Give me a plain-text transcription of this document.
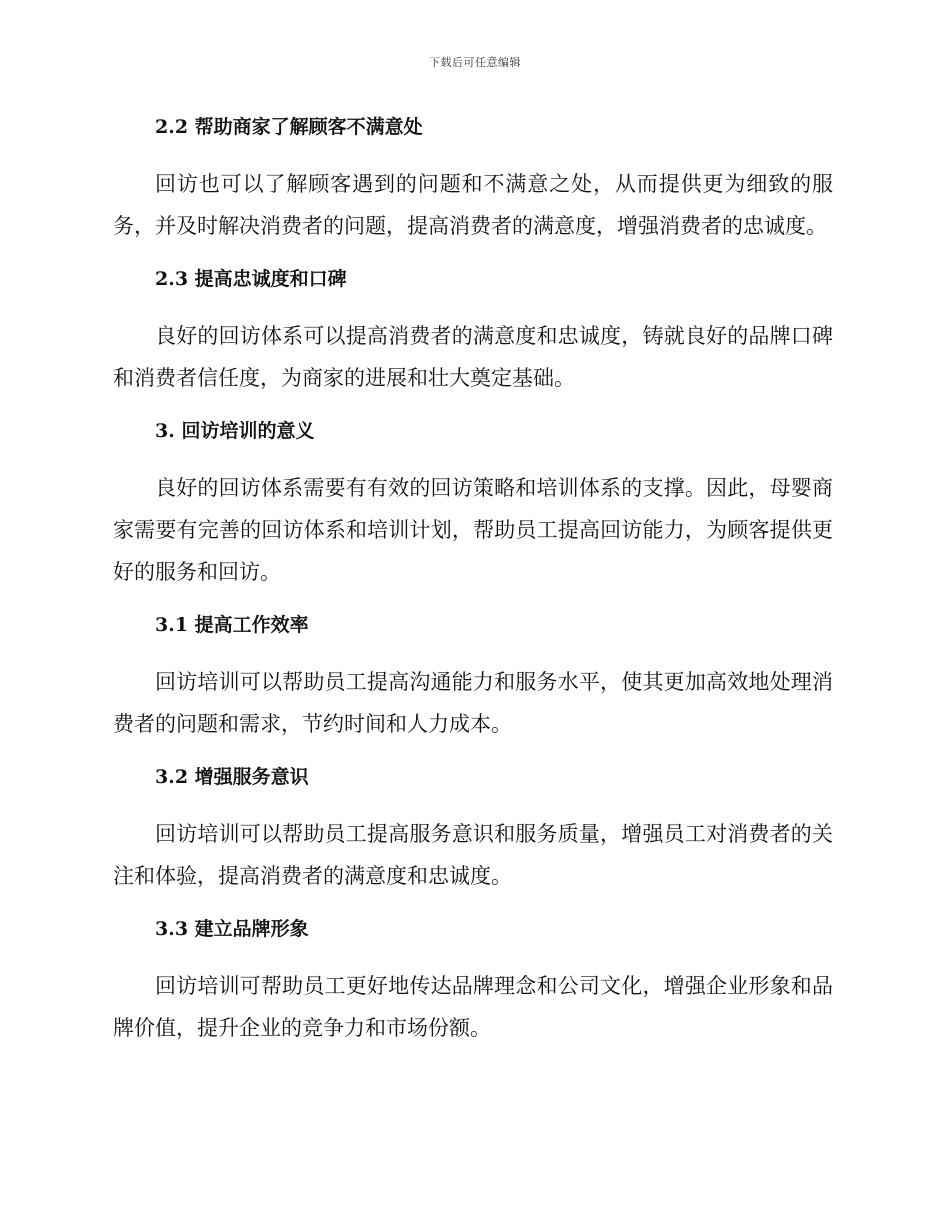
下载后可任意编辑
2.2 帮助商家了解顾客不满意处

回访也可以了解顾客遇到的问题和不满意之处，从而提供更为细致的服务，并及时解决消费者的问题，提高消费者的满意度，增强消费者的忠诚度。

2.3 提高忠诚度和口碑

良好的回访体系可以提高消费者的满意度和忠诚度，铸就良好的品牌口碑和消费者信任度，为商家的进展和壮大奠定基础。

3. 回访培训的意义

良好的回访体系需要有有效的回访策略和培训体系的支撑。因此，母婴商家需要有完善的回访体系和培训计划，帮助员工提高回访能力，为顾客提供更好的服务和回访。

3.1 提高工作效率

回访培训可以帮助员工提高沟通能力和服务水平，使其更加高效地处理消费者的问题和需求，节约时间和人力成本。

3.2 增强服务意识

回访培训可以帮助员工提高服务意识和服务质量，增强员工对消费者的关注和体验，提高消费者的满意度和忠诚度。

3.3 建立品牌形象

回访培训可帮助员工更好地传达品牌理念和公司文化，增强企业形象和品牌价值，提升企业的竞争力和市场份额。
